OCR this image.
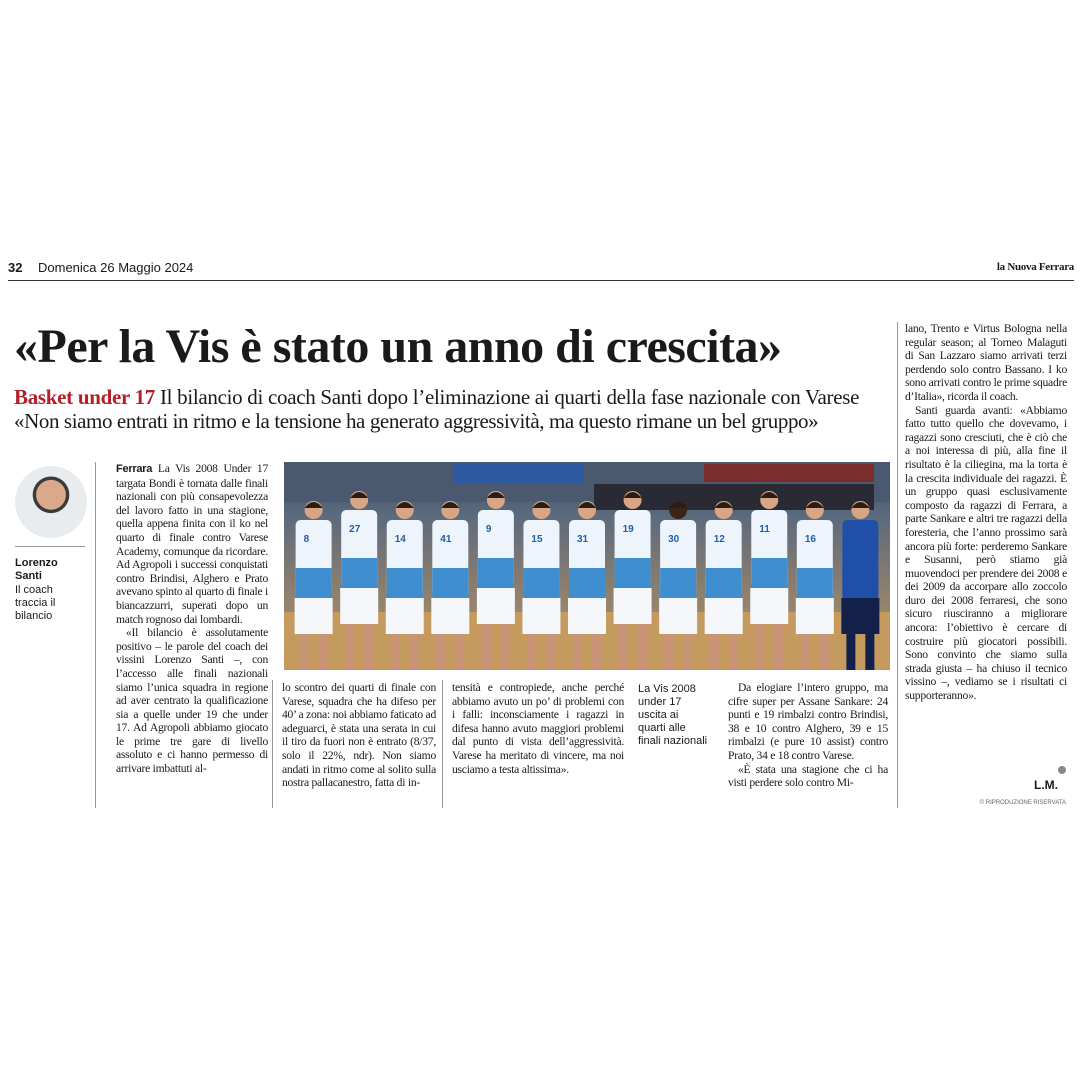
32 Domenica 26 Maggio 2024	la Nuova Ferrara
«Per la Vis è stato un anno di crescita»
Basket under 17 Il bilancio di coach Santi dopo l’eliminazione ai quarti della fase nazionale con Varese
«Non siamo entrati in ritmo e la tensione ha generato aggressività, ma questo rimane un bel gruppo»
Lorenzo Santi
Il coach traccia il bilancio

Ferrara La Vis 2008 Under 17 targata Bondi è tornata dalle finali nazionali con più consapevolezza del lavoro fatto in una stagione, quella appena finita con il ko nel quarto di finale contro Varese Academy, comunque da ricordare. Ad Agropoli i successi conquistati contro Brindisi, Alghero e Prato avevano spinto al quarto di finale i biancazzurri, superati dopo un match rognoso dai lombardi.

«Il bilancio è assolutamente positivo – le parole del coach dei vissini Lorenzo Santi –, con l’accesso alle finali nazionali siamo l’unica squadra in regione ad aver centrato la qualificazione sia a quelle under 19 che under 17. Ad Agropoli abbiamo giocato le prime tre gare di livello assoluto e ci hanno permesso di arrivare imbattuti al-

8
27
14	41
9
15	31
19
30	12
11
16
La Vis 2008 under 17 uscita ai quarti alle finali nazionali

lo scontro dei quarti di finale con Varese, squadra che ha difeso per 40’ a zona: noi abbiamo faticato ad adeguarci, è stata una serata in cui il tiro da fuori non è entrato (8/37, solo il 22%, ndr). Non siamo andati in ritmo come al solito sulla nostra pallacanestro, fatta di in-

tensità e contropiede, anche perché abbiamo avuto un po’ di problemi con i falli: inconsciamente i ragazzi in difesa hanno avuto maggiori problemi dal punto di vista dell’aggressività. Varese ha meritato di vincere, ma noi usciamo a testa altissima».

Da elogiare l’intero gruppo, ma cifre super per Assane Sankare: 24 punti e 19 rimbalzi contro Brindisi, 38 e 10 contro Alghero, 39 e 15 rimbalzi (e pure 10 assist) contro Prato, 34 e 18 contro Varese.

«È stata una stagione che ci ha visti perdere solo contro Mi-

lano, Trento e Virtus Bologna nella regular season; al Torneo Malaguti di San Lazzaro siamo arrivati terzi perdendo solo contro Bassano. I ko sono arrivati contro le prime squadre d’Italia», ricorda il coach.

Santi guarda avanti: «Abbiamo fatto tutto quello che dovevamo, i ragazzi sono cresciuti, che è ciò che a noi interessa di più, alla fine il risultato è la ciliegina, ma la torta è la crescita individuale dei ragazzi. È un gruppo quasi esclusivamente composto da ragazzi di Ferrara, a parte Sankare e altri tre ragazzi della foresteria, che l’anno prossimo sarà ancora più forte: perderemo Sankare e Susanni, però stiamo già muovendoci per prendere dei 2008 e dei 2009 da accorpare allo zoccolo duro dei 2008 ferraresi, che sono sicuro riusciranno a migliorare ancora: l’obiettivo è cercare di costruire più giocatori possibili. Sono convinto che siamo sulla strada giusta – ha chiuso il tecnico vissino –, vediamo se i risultati ci supporteranno».

L.M.
© RIPRODUZIONE RISERVATA
